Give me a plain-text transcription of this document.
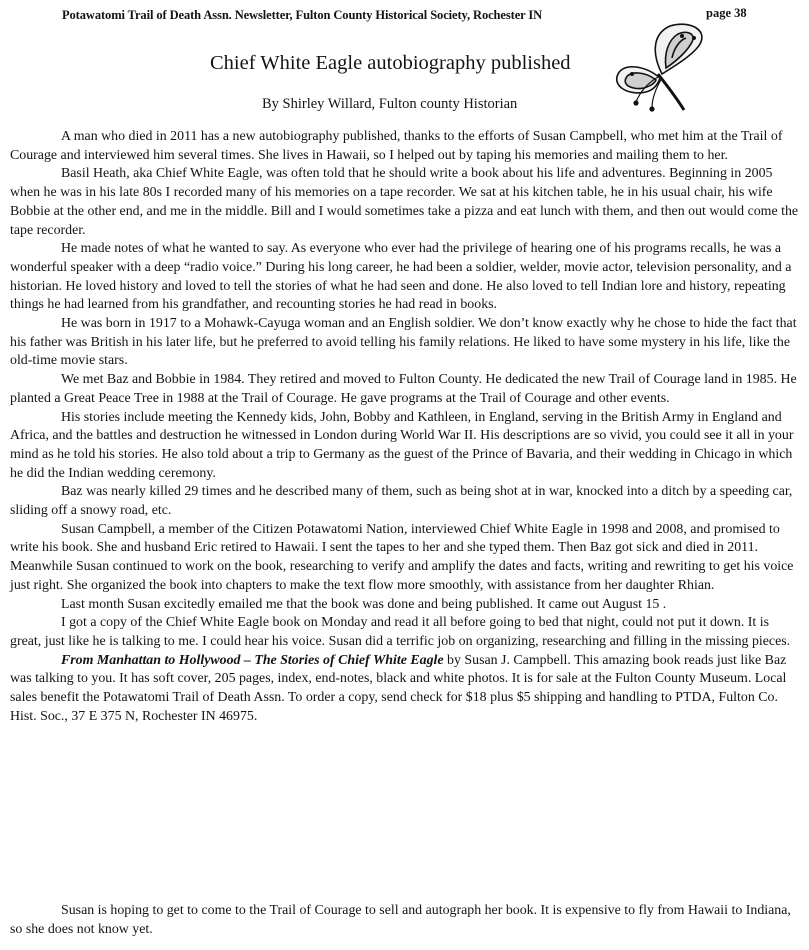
Potawatomi Trail of Death Assn. Newsletter, Fulton County Historical Society, Rochester IN	page 38
Chief White Eagle autobiography published
By Shirley Willard, Fulton county Historian

A man who died in 2011 has a new autobiography published, thanks to the efforts of Susan Campbell, who met him at the Trail of Courage and interviewed him several times. She lives in Hawaii, so I helped out by taping his memories and mailing them to her.

Basil Heath, aka Chief White Eagle, was often told that he should write a book about his life and adventures. Beginning in 2005 when he was in his late 80s I recorded many of his memories on a tape recorder. We sat at his kitchen table, he in his usual chair, his wife Bobbie at the other end, and me in the middle. Bill and I would sometimes take a pizza and eat lunch with them, and then out would come the tape recorder.

He made notes of what he wanted to say. As everyone who ever had the privilege of hearing one of his programs recalls, he was a wonderful speaker with a deep “radio voice.” During his long career, he had been a soldier, welder, movie actor, television personality, and a historian. He loved history and loved to tell the stories of what he had seen and done. He also loved to tell Indian lore and history, repeating things he had learned from his grandfather, and recounting stories he had read in books.

He was born in 1917 to a Mohawk-Cayuga woman and an English soldier. We don’t know exactly why he chose to hide the fact that his father was British in his later life, but he preferred to avoid telling his family relations. He liked to have some mystery in his life, like the old-time movie stars.

We met Baz and Bobbie in 1984. They retired and moved to Fulton County. He dedicated the new Trail of Courage land in 1985. He planted a Great Peace Tree in 1988 at the Trail of Courage. He gave programs at the Trail of Courage and other events.

His stories include meeting the Kennedy kids, John, Bobby and Kathleen, in England, serving in the British Army in England and Africa, and the battles and destruction he witnessed in London during World War II. His descriptions are so vivid, you could see it all in your mind as he told his stories. He also told about a trip to Germany as the guest of the Prince of Bavaria, and their wedding in Chicago in which he did the Indian wedding ceremony.

Baz was nearly killed 29 times and he described many of them, such as being shot at in war, knocked into a ditch by a speeding car, sliding off a snowy road, etc.

Susan Campbell, a member of the Citizen Potawatomi Nation, interviewed Chief White Eagle in 1998 and 2008, and promised to write his book. She and husband Eric retired to Hawaii. I sent the tapes to her and she typed them. Then Baz got sick and died in 2011. Meanwhile Susan continued to work on the book, researching to verify and amplify the dates and facts, writing and rewriting to get his voice just right. She organized the book into chapters to make the text flow more smoothly, with assistance from her daughter Rhian.

Last month Susan excitedly emailed me that the book was done and being published. It came out August 15 .

I got a copy of the Chief White Eagle book on Monday and read it all before going to bed that night, could not put it down. It is great, just like he is talking to me. I could hear his voice. Susan did a terrific job on organizing, researching and filling in the missing pieces.

From Manhattan to Hollywood – The Stories of Chief White Eagle by Susan J. Campbell. This amazing book reads just like Baz was talking to you. It has soft cover, 205 pages, index, end-notes, black and white photos. It is for sale at the Fulton County Museum. Local sales benefit the Potawatomi Trail of Death Assn. To order a copy, send check for $18 plus $5 shipping and handling to PTDA, Fulton Co. Hist. Soc., 37 E 375 N, Rochester IN 46975.

Susan is hoping to get to come to the Trail of Courage to sell and autograph her book. It is expensive to fly from Hawaii to Indiana, so she does not know yet.
